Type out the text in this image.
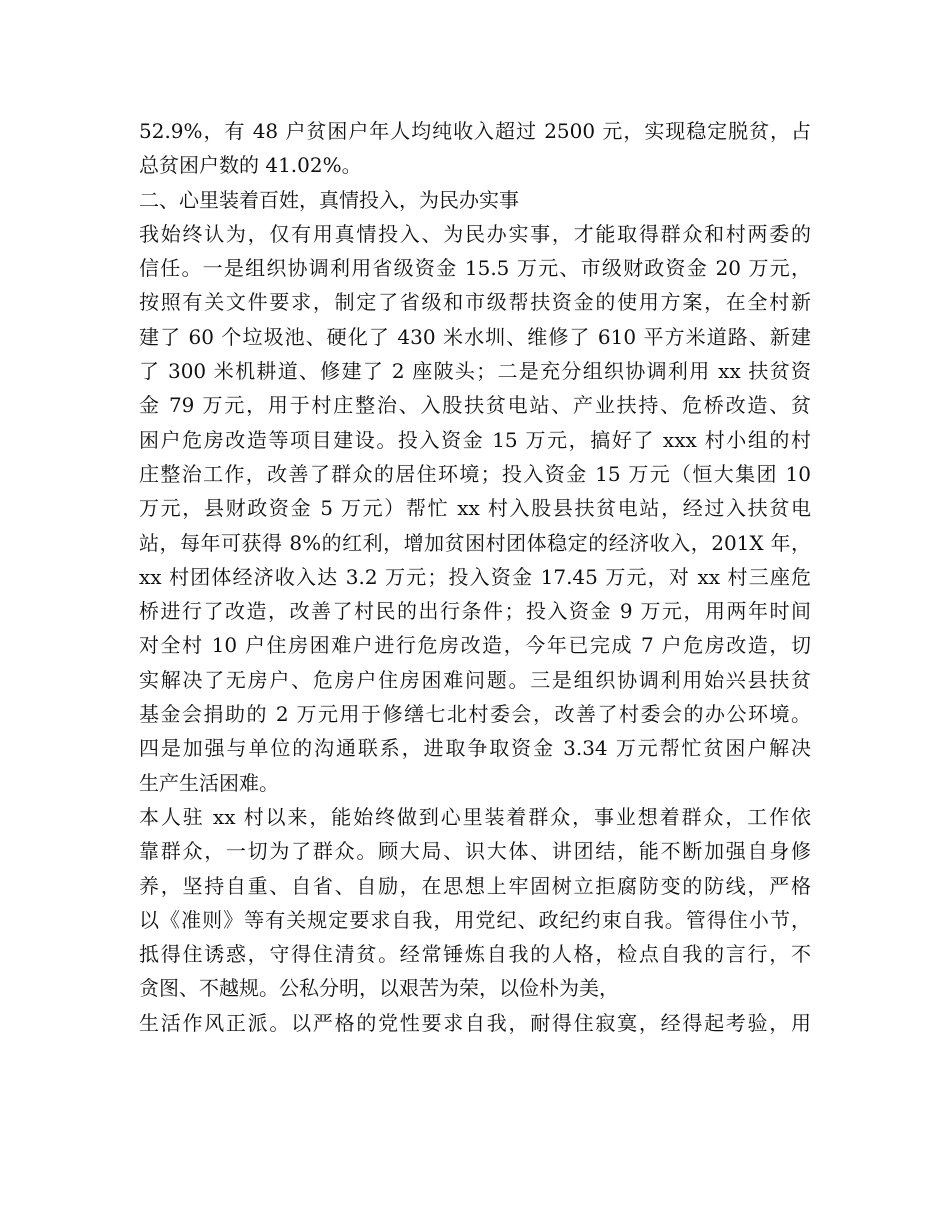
52.9%，有 48 户贫困户年人均纯收入超过 2500 元，实现稳定脱贫，占
总贫困户数的 41.02%。
二、心里装着百姓，真情投入，为民办实事
我始终认为，仅有用真情投入、为民办实事，才能取得群众和村两委的
信任。一是组织协调利用省级资金 15.5 万元、市级财政资金 20 万元，
按照有关文件要求，制定了省级和市级帮扶资金的使用方案，在全村新
建了 60 个垃圾池、硬化了 430 米水圳、维修了 610 平方米道路、新建
了 300 米机耕道、修建了 2 座陂头；二是充分组织协调利用 xx 扶贫资
金 79 万元，用于村庄整治、入股扶贫电站、产业扶持、危桥改造、贫
困户危房改造等项目建设。投入资金 15 万元，搞好了 xxx 村小组的村
庄整治工作，改善了群众的居住环境；投入资金 15 万元（恒大集团 10
万元，县财政资金 5 万元）帮忙 xx 村入股县扶贫电站，经过入扶贫电
站，每年可获得 8%的红利，增加贫困村团体稳定的经济收入，201X 年，
xx 村团体经济收入达 3.2 万元；投入资金 17.45 万元，对 xx 村三座危
桥进行了改造，改善了村民的出行条件；投入资金 9 万元，用两年时间
对全村 10 户住房困难户进行危房改造，今年已完成 7 户危房改造，切
实解决了无房户、危房户住房困难问题。三是组织协调利用始兴县扶贫
基金会捐助的 2 万元用于修缮七北村委会，改善了村委会的办公环境。
四是加强与单位的沟通联系，进取争取资金 3.34 万元帮忙贫困户解决
生产生活困难。
本人驻 xx 村以来，能始终做到心里装着群众，事业想着群众，工作依
靠群众，一切为了群众。顾大局、识大体、讲团结，能不断加强自身修
养，坚持自重、自省、自励，在思想上牢固树立拒腐防变的防线，严格
以《准则》等有关规定要求自我，用党纪、政纪约束自我。管得住小节，
抵得住诱惑，守得住清贫。经常锤炼自我的人格，检点自我的言行，不
贪图、不越规。公私分明，以艰苦为荣，以俭朴为美，
生活作风正派。以严格的党性要求自我，耐得住寂寞，经得起考验，用
